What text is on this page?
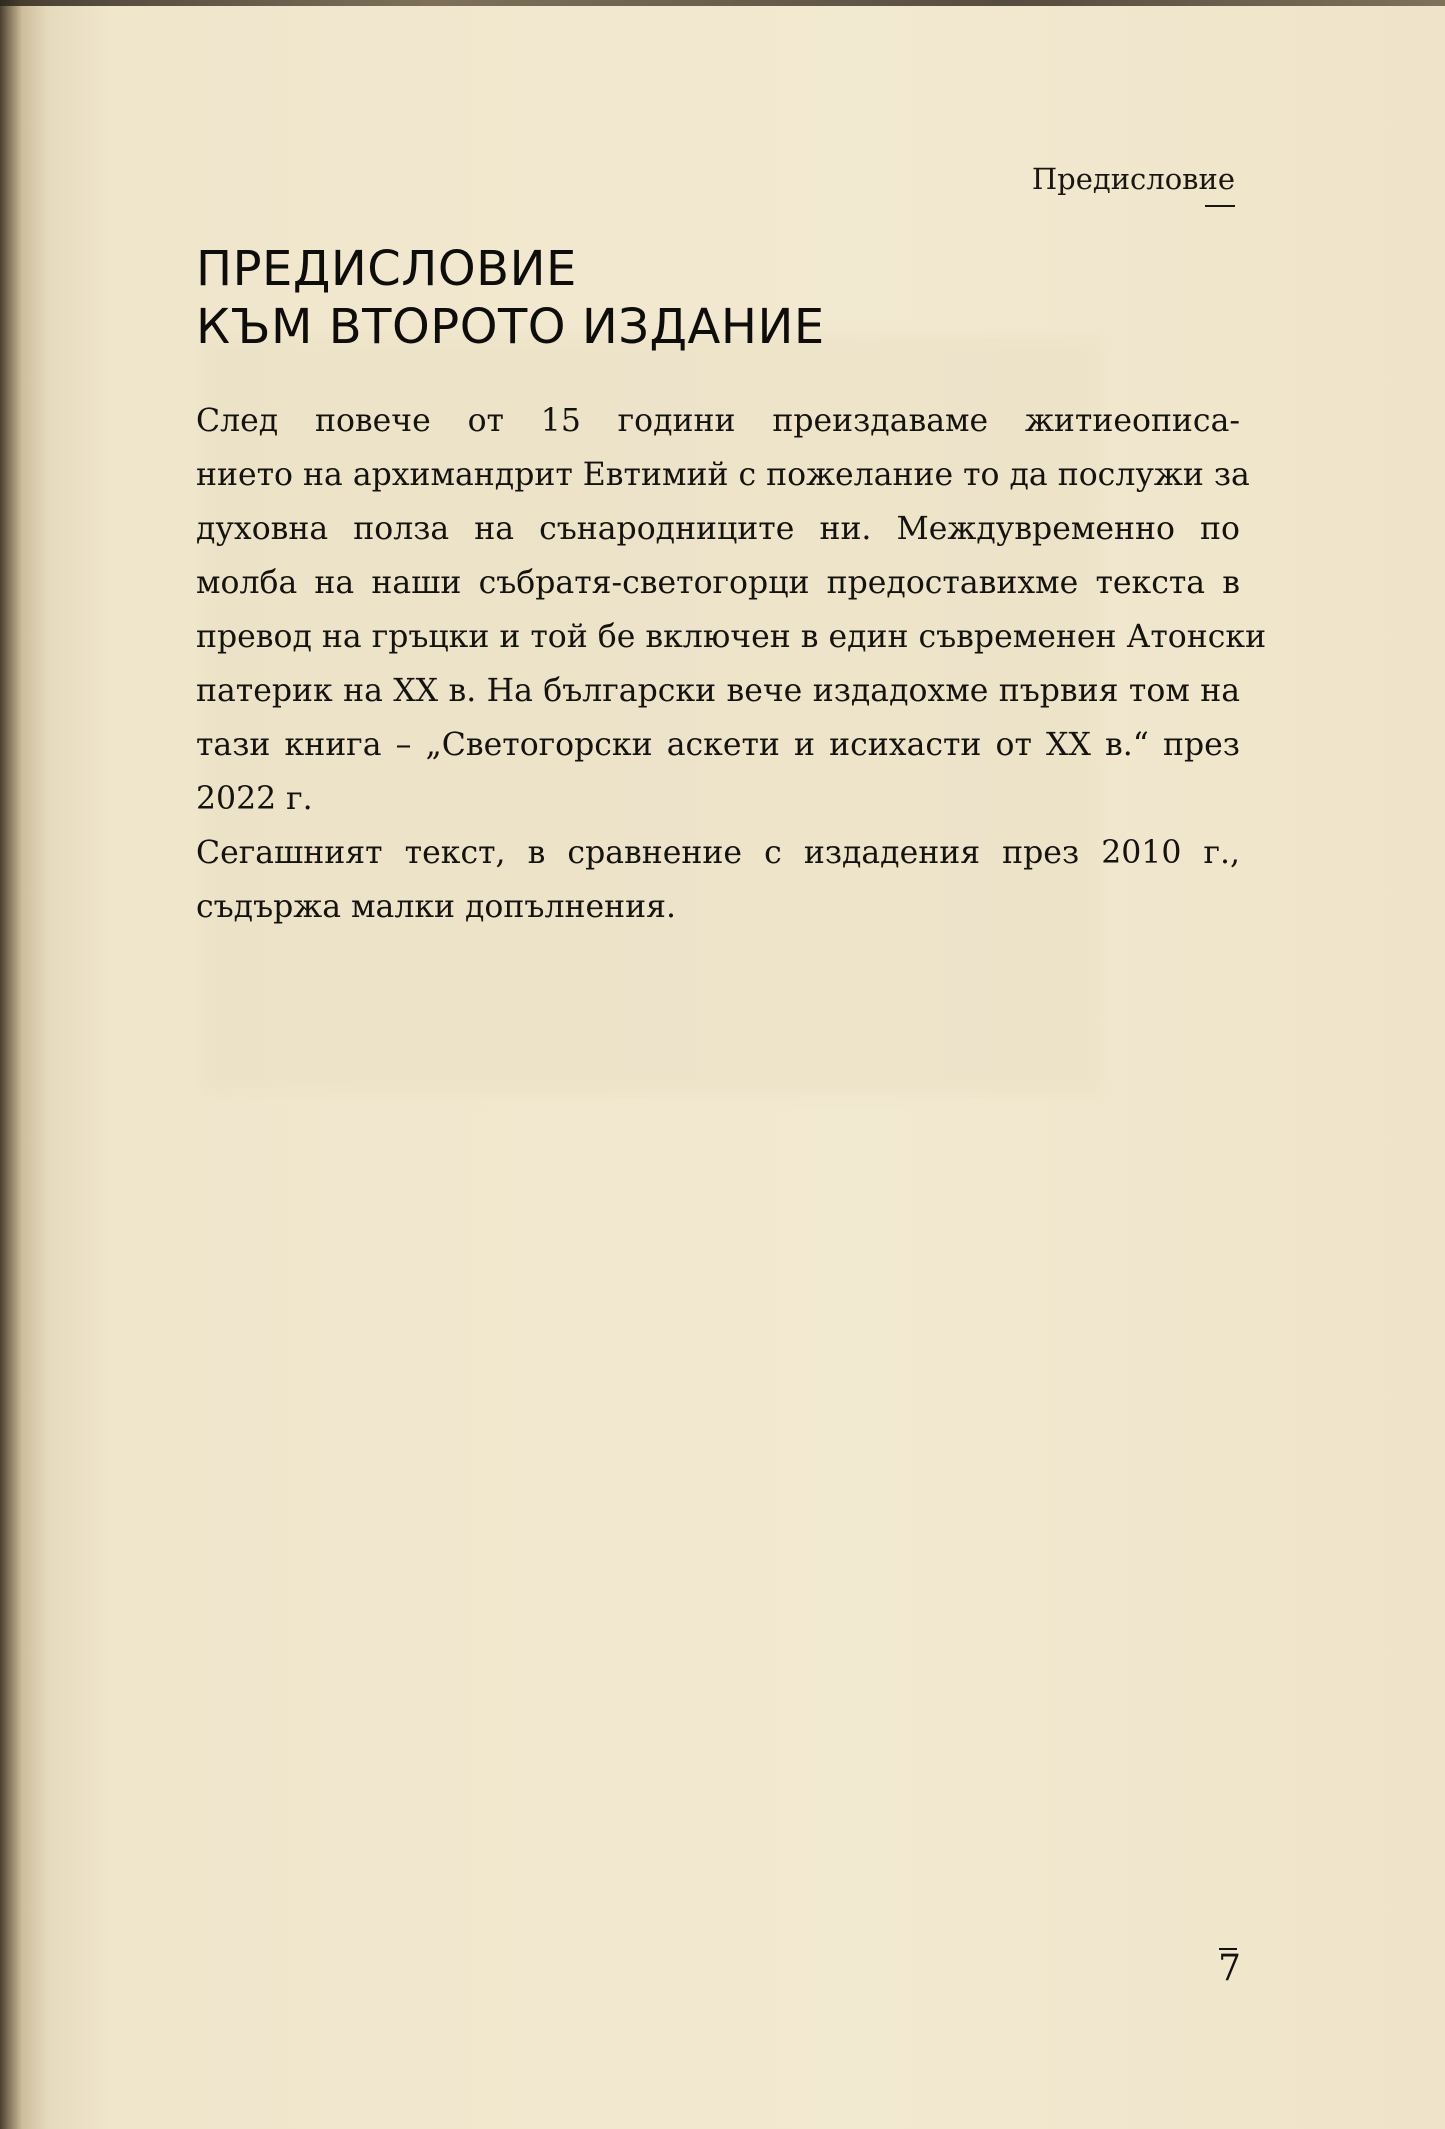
Предисловие
ПРЕДИСЛОВИЕ
КЪМ ВТОРОТО ИЗДАНИЕ

След повече от 15 години преиздаваме житиеописа-
нието на архимандрит Евтимий с пожелание то да послужи за
духовна полза на сънародниците ни. Междувременно по
молба на наши събратя-светогорци предоставихме текста в
превод на гръцки и той бе включен в един съвременен Атонски
патерик на XX в. На български вече издадохме първия том на
тази книга – „Светогорски аскети и исихасти от XX в.“ през
2022 г.

Сегашният текст, в сравнение с издадения през 2010 г.,
съдържа малки допълнения.

7
